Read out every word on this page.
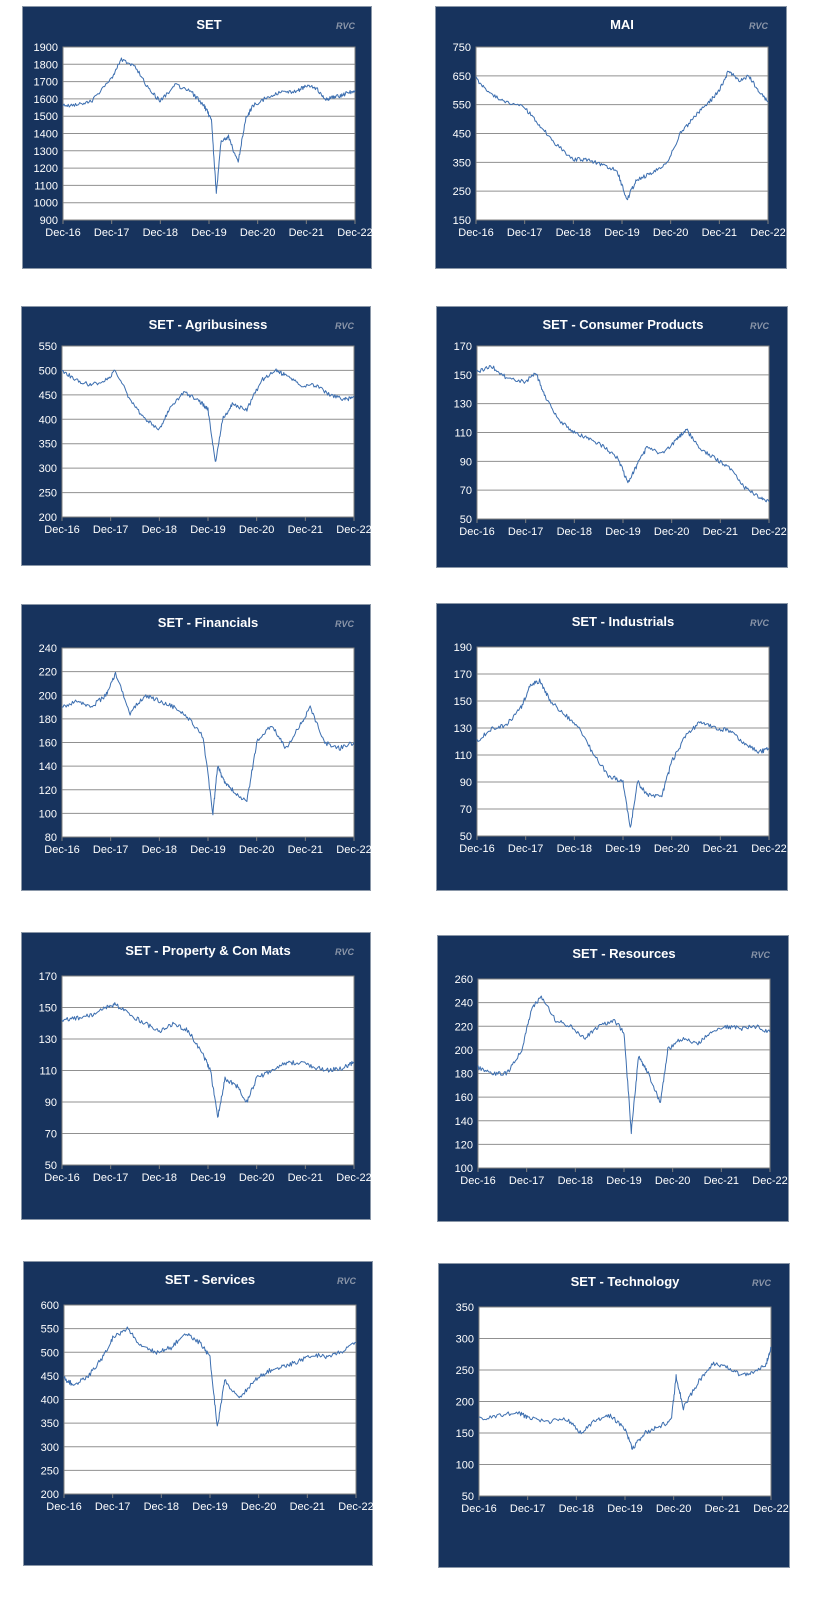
SET	RVC
900
1000
1100
1200
1300
1400
1500
1600
1700
1800
1900
Dec-16 Dec-17 Dec-18 Dec-19 Dec-20 Dec-21 Dec-22
MAI	RVC
150
250
350
450
550
650
750
Dec-16 Dec-17 Dec-18 Dec-19 Dec-20 Dec-21 Dec-22
SET - Agribusiness	RVC
200
250
300
350
400
450
500
550
Dec-16 Dec-17 Dec-18 Dec-19 Dec-20 Dec-21 Dec-22
SET - Consumer Products	RVC
50
70
90
110
130
150
170
Dec-16 Dec-17 Dec-18 Dec-19 Dec-20 Dec-21 Dec-22
SET - Financials	RVC
80
100
120
140
160
180
200
220
240
Dec-16 Dec-17 Dec-18 Dec-19 Dec-20 Dec-21 Dec-22
SET - Industrials	RVC
50
70
90
110
130
150
170
190
Dec-16 Dec-17 Dec-18 Dec-19 Dec-20 Dec-21 Dec-22
SET - Property & Con Mats	RVC
50
70
90
110
130
150
170
Dec-16 Dec-17 Dec-18 Dec-19 Dec-20 Dec-21 Dec-22
SET - Resources	RVC
100
120
140
160
180
200
220
240
260
Dec-16 Dec-17 Dec-18 Dec-19 Dec-20 Dec-21 Dec-22
SET - Services	RVC
200
250
300
350
400
450
500
550
600
Dec-16 Dec-17 Dec-18 Dec-19 Dec-20 Dec-21 Dec-22
SET - Technology	RVC
50
100
150
200
250
300
350
Dec-16 Dec-17 Dec-18 Dec-19 Dec-20 Dec-21 Dec-22
